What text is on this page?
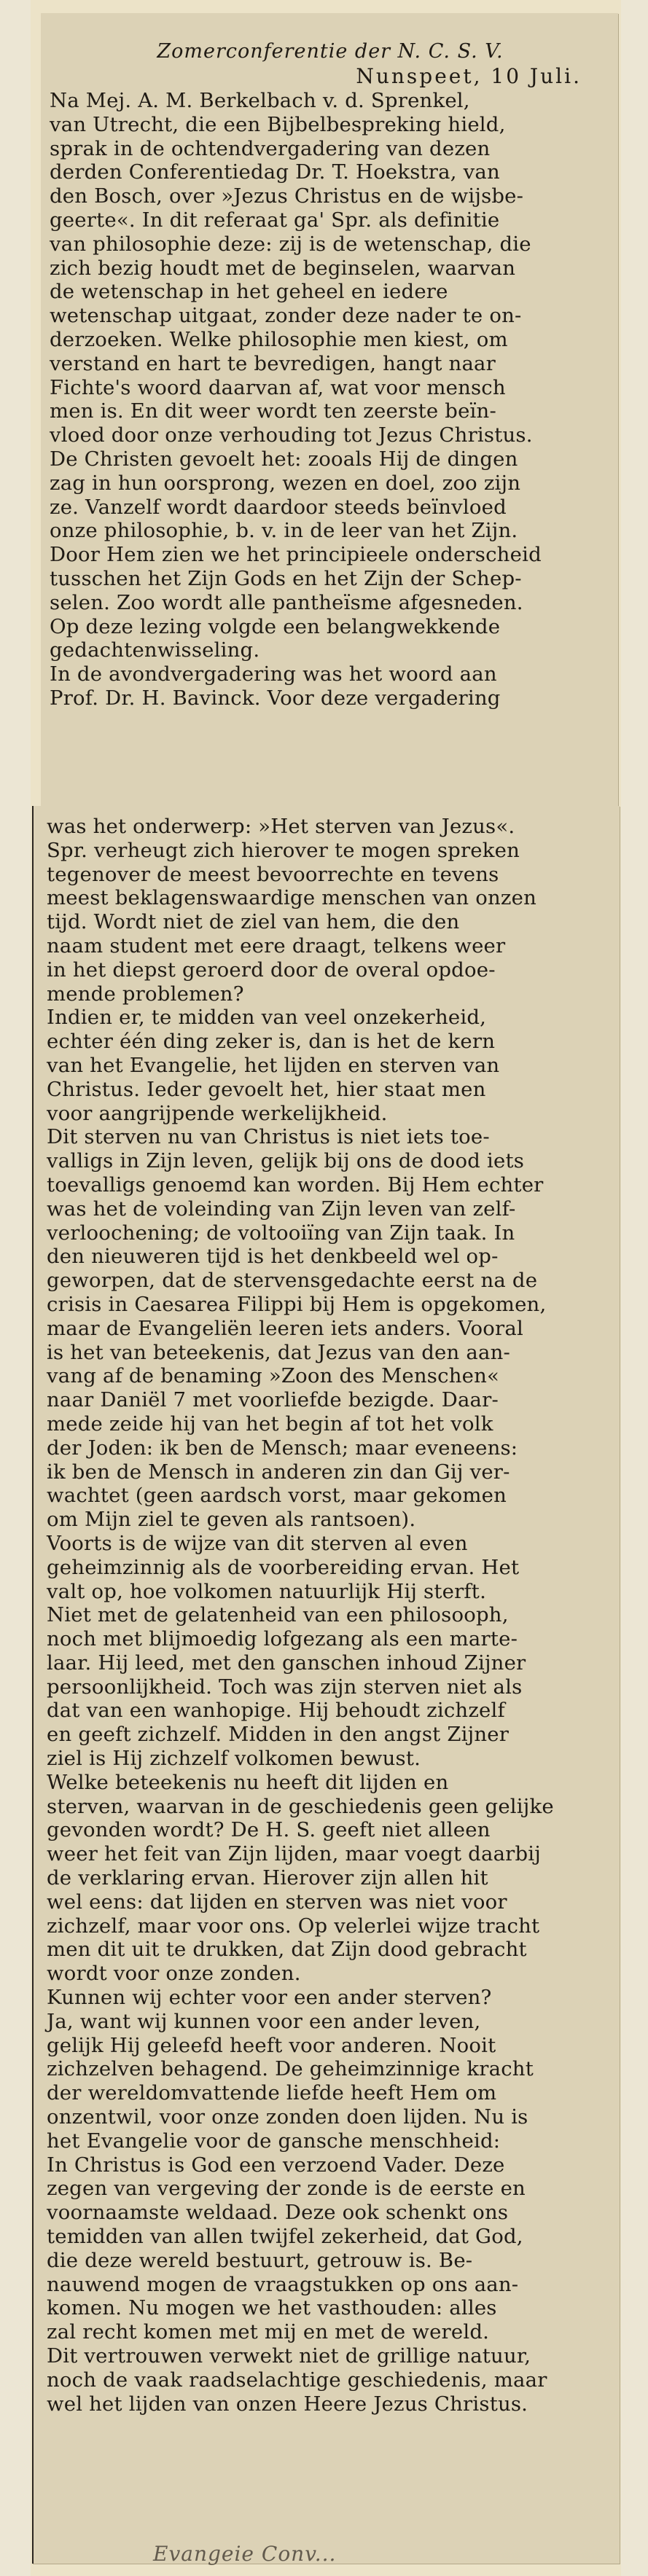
Zomerconferentie der N. C. S. V.
Nunspeet, 10 Juli.
Na Mej. A. M. Berkelbach v. d. Sprenkel,
van Utrecht, die een Bijbelbespreking hield,
sprak in de ochtendvergadering van dezen
derden Conferentiedag Dr. T. Hoekstra, van
den Bosch, over »Jezus Christus en de wijsbe-
geerte«. In dit referaat ga' Spr. als definitie
van philosophie deze: zij is de wetenschap, die
zich bezig houdt met de beginselen, waarvan
de wetenschap in het geheel en iedere
wetenschap uitgaat, zonder deze nader te on-
derzoeken. Welke philosophie men kiest, om
verstand en hart te bevredigen, hangt naar
Fichte's woord daarvan af, wat voor mensch
men is. En dit weer wordt ten zeerste beïn-
vloed door onze verhouding tot Jezus Christus.
De Christen gevoelt het: zooals Hij de dingen
zag in hun oorsprong, wezen en doel, zoo zijn
ze. Vanzelf wordt daardoor steeds beïnvloed
onze philosophie, b. v. in de leer van het Zijn.
Door Hem zien we het principieele onderscheid
tusschen het Zijn Gods en het Zijn der Schep-
selen. Zoo wordt alle pantheïsme afgesneden.
Op deze lezing volgde een belangwekkende
gedachtenwisseling.
In de avondvergadering was het woord aan
Prof. Dr. H. Bavinck. Voor deze vergadering
was het onderwerp: »Het sterven van Jezus«.
Spr. verheugt zich hierover te mogen spreken
tegenover de meest bevoorrechte en tevens
meest beklagenswaardige menschen van onzen
tijd. Wordt niet de ziel van hem, die den
naam student met eere draagt, telkens weer
in het diepst geroerd door de overal opdoe-
mende problemen?
Indien er, te midden van veel onzekerheid,
echter één ding zeker is, dan is het de kern
van het Evangelie, het lijden en sterven van
Christus. Ieder gevoelt het, hier staat men
voor aangrijpende werkelijkheid.
Dit sterven nu van Christus is niet iets toe-
valligs in Zijn leven, gelijk bij ons de dood iets
toevalligs genoemd kan worden. Bij Hem echter
was het de voleinding van Zijn leven van zelf-
verloochening; de voltooiïng van Zijn taak. In
den nieuweren tijd is het denkbeeld wel op-
geworpen, dat de stervensgedachte eerst na de
crisis in Caesarea Filippi bij Hem is opgekomen,
maar de Evangeliën leeren iets anders. Vooral
is het van beteekenis, dat Jezus van den aan-
vang af de benaming »Zoon des Menschen«
naar Daniël 7 met voorliefde bezigde. Daar-
mede zeide hij van het begin af tot het volk
der Joden: ik ben de Mensch; maar eveneens:
ik ben de Mensch in anderen zin dan Gij ver-
wachtet (geen aardsch vorst, maar gekomen
om Mijn ziel te geven als rantsoen).
Voorts is de wijze van dit sterven al even
geheimzinnig als de voorbereiding ervan. Het
valt op, hoe volkomen natuurlijk Hij sterft.
Niet met de gelatenheid van een philosooph,
noch met blijmoedig lofgezang als een marte-
laar. Hij leed, met den ganschen inhoud Zijner
persoonlijkheid. Toch was zijn sterven niet als
dat van een wanhopige. Hij behoudt zichzelf
en geeft zichzelf. Midden in den angst Zijner
ziel is Hij zichzelf volkomen bewust.
Welke beteekenis nu heeft dit lijden en
sterven, waarvan in de geschiedenis geen gelijke
gevonden wordt? De H. S. geeft niet alleen
weer het feit van Zijn lijden, maar voegt daarbij
de verklaring ervan. Hierover zijn allen hit
wel eens: dat lijden en sterven was niet voor
zichzelf, maar voor ons. Op velerlei wijze tracht
men dit uit te drukken, dat Zijn dood gebracht
wordt voor onze zonden.
Kunnen wij echter voor een ander sterven?
Ja, want wij kunnen voor een ander leven,
gelijk Hij geleefd heeft voor anderen. Nooit
zichzelven behagend. De geheimzinnige kracht
der wereldomvattende liefde heeft Hem om
onzentwil, voor onze zonden doen lijden. Nu is
het Evangelie voor de gansche menschheid:
In Christus is God een verzoend Vader. Deze
zegen van vergeving der zonde is de eerste en
voornaamste weldaad. Deze ook schenkt ons
temidden van allen twijfel zekerheid, dat God,
die deze wereld bestuurt, getrouw is. Be-
nauwend mogen de vraagstukken op ons aan-
komen. Nu mogen we het vasthouden: alles
zal recht komen met mij en met de wereld.
Dit vertrouwen verwekt niet de grillige natuur,
noch de vaak raadselachtige geschiedenis, maar
wel het lijden van onzen Heere Jezus Christus.
Evangeie Conv...
